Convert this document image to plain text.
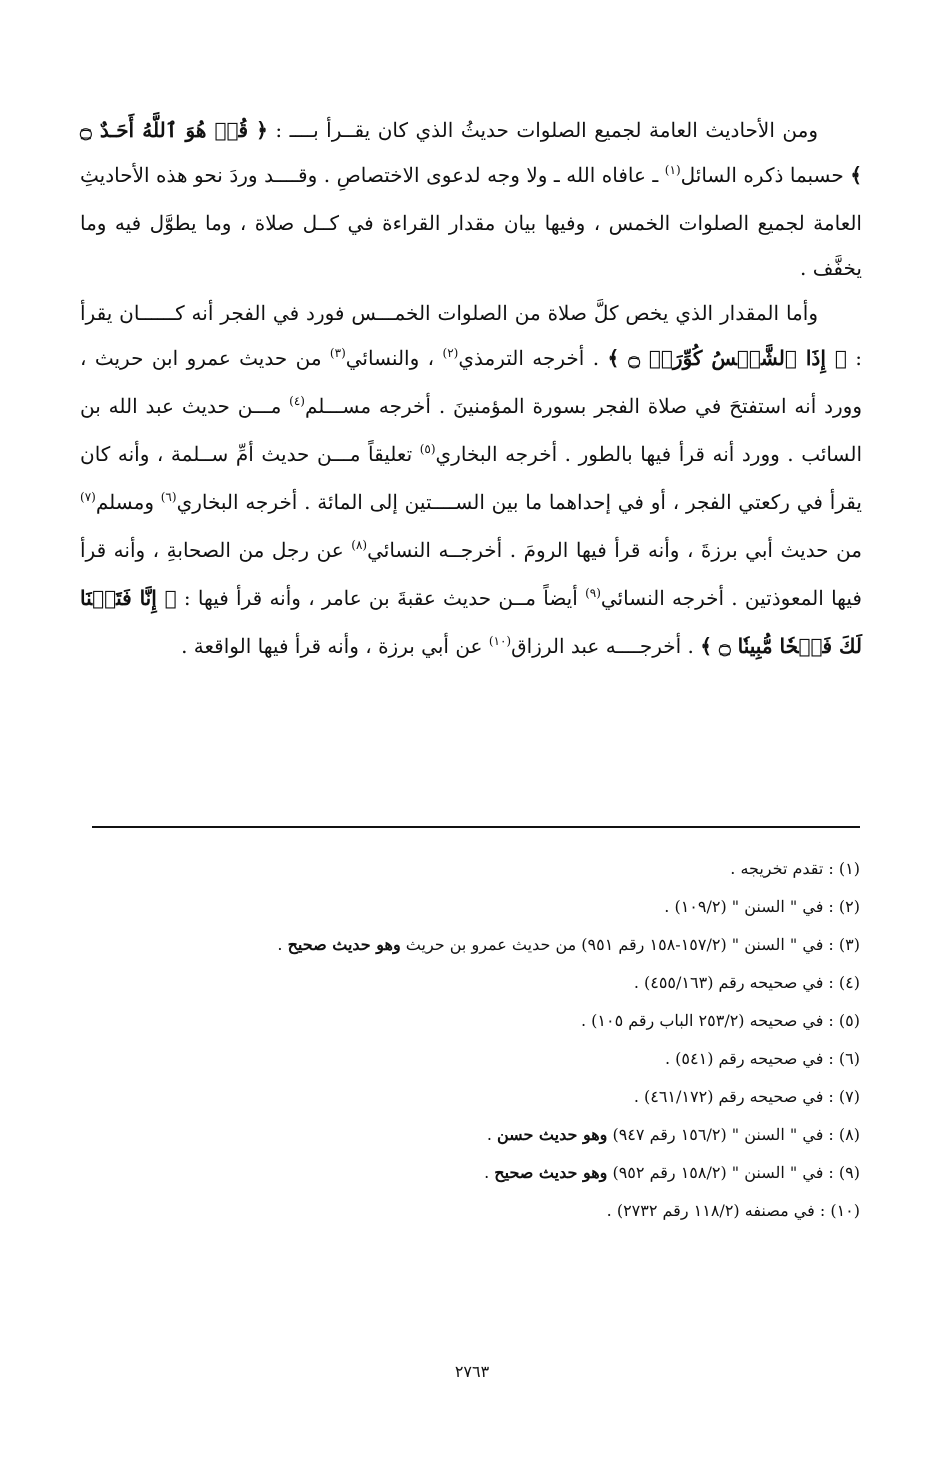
ومن الأحاديث العامة لجميع الصلوات حديثُ الذي كان يقــرأ بــــ : ﴿ قُلۡ هُوَ ٱللَّهُ أَحَـدٌ ۝ ﴾ حسبما ذكره السائل$^{(١)}$ ـ عافاه الله ـ ولا وجه لدعوى الاختصاصِ . وقــــد وردَ نحو هذه الأحاديثِ العامة لجميع الصلوات الخمس ، وفيها بيان مقدار القراءة في كــل صلاة ، وما يطوَّل فيه وما يخفَّف .

وأما المقدار الذي يخص كلَّ صلاة من الصلوات الخمـــس فورد في الفجر أنه كــــــان يقرأ : ﴿ إِذَا ٱلشَّمۡسُ كُوِّرَتۡ ۝ ﴾ . أخرجه الترمذي$^{(٢)}$ ، والنسائي$^{(٣)}$ من حديث عمرو ابن حريث ، وورد أنه استفتحَ في صلاة الفجر بسورة المؤمنينَ . أخرجه مســـلم$^{(٤)}$ مـــن حديث عبد الله بن السائب . وورد أنه قرأ فيها بالطور . أخرجه البخاري$^{(٥)}$ تعليقاً مـــن حديث أمِّ ســلمة ، وأنه كان يقرأ في ركعتي الفجر ، أو في إحداهما ما بين الســــتين إلى المائة . أخرجه البخاري$^{(٦)}$ ومسلم$^{(٧)}$ من حديث أبي برزةَ ، وأنه قرأ فيها الرومَ . أخرجــه النسائي$^{(٨)}$ عن رجل من الصحابةِ ، وأنه قرأ فيها المعوذتين . أخرجه النسائي$^{(٩)}$ أيضاً مــن حديث عقبةَ بن عامر ، وأنه قرأ فيها : ﴿ إِنَّا فَتَحۡنَا لَكَ فَتۡحٗا مُّبِينٗا ۝ ﴾ . أخرجــــه عبد الرزاق$^{(١٠)}$ عن أبي برزة ، وأنه قرأ فيها الواقعة .

(١) : تقدم تخريجه .
(٢) : في " السنن " (١٠٩/٢) .
(٣) : في " السنن " (١٥٧/٢-١٥٨ رقم ٩٥١) من حديث عمرو بن حريث وهو حديث صحيح .
(٤) : في صحيحه رقم (٤٥٥/١٦٣) .
(٥) : في صحيحه (٢٥٣/٢ الباب رقم ١٠٥) .
(٦) : في صحيحه رقم (٥٤١) .
(٧) : في صحيحه رقم (٤٦١/١٧٢) .
(٨) : في " السنن " (١٥٦/٢ رقم ٩٤٧) وهو حديث حسن .
(٩) : في " السنن " (١٥٨/٢ رقم ٩٥٢) وهو حديث صحيح .
(١٠) : في مصنفه (١١٨/٢ رقم ٢٧٣٢) .
٢٧٦٣
